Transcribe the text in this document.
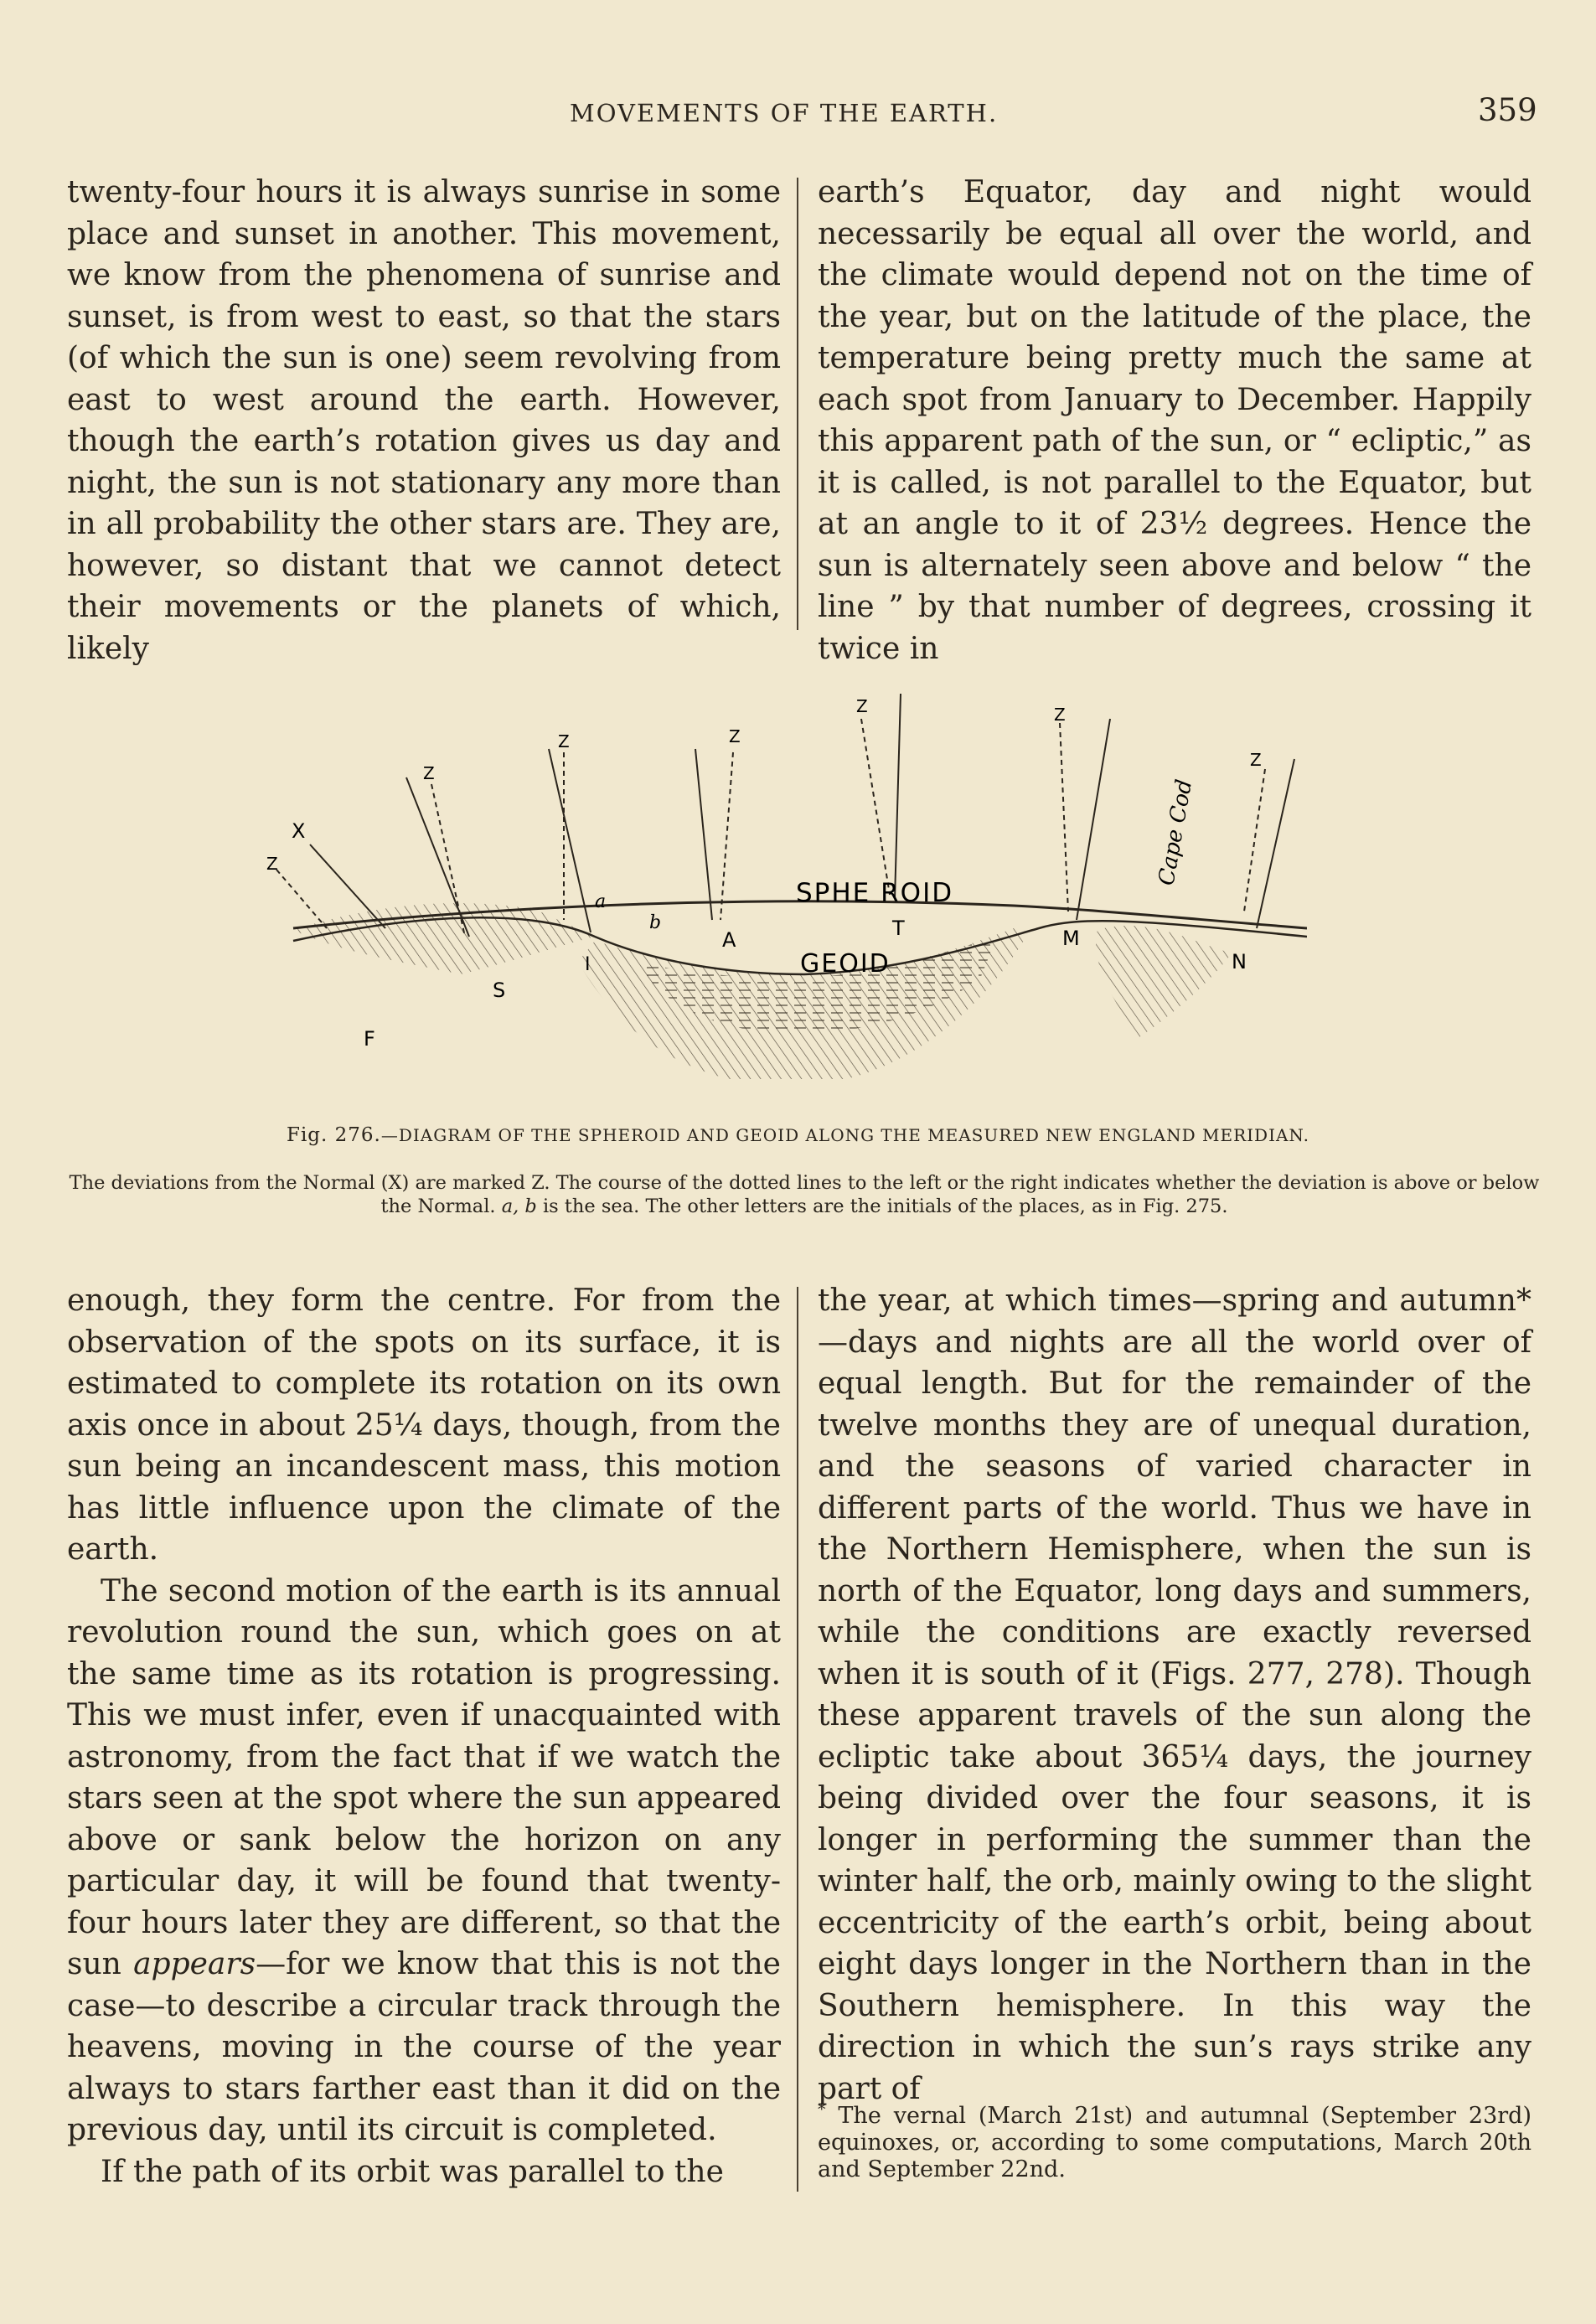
MOVEMENTS OF THE EARTH.	359

twenty-four hours it is always sunrise in some place and sunset in another. This movement, we know from the phenomena of sunrise and sunset, is from west to east, so that the stars (of which the sun is one) seem revolving from east to west around the earth. However, though the earth’s rotation gives us day and night, the sun is not stationary any more than in all probability the other stars are. They are, however, so distant that we cannot detect their movements or the planets of which, likely

earth’s Equator, day and night would necessarily be equal all over the world, and the climate would depend not on the time of the year, but on the latitude of the place, the temperature being pretty much the same at each spot from January to December. Happily this apparent path of the sun, or “ ecliptic,” as it is called, is not parallel to the Equator, but at an angle to it of 23½ degrees. Hence the sun is alternately seen above and below “ the line ” by that number of degrees, crossing it twice in

X
Z
Z
Z	Z
Z	Z
Z
a
b
SPHE ROID
GEOID
A	T	M
N
S
F
I
Cape Cod
Fig. 276.—DIAGRAM OF THE SPHEROID AND GEOID ALONG THE MEASURED NEW ENGLAND MERIDIAN.
The deviations from the Normal (X) are marked Z. The course of the dotted lines to the left or the right indicates whether the deviation is above or below the Normal. a, b is the sea. The other letters are the initials of the places, as in Fig. 275.

enough, they form the centre. For from the observation of the spots on its surface, it is estimated to complete its rotation on its own axis once in about 25¼ days, though, from the sun being an incandescent mass, this motion has little influence upon the climate of the earth.

The second motion of the earth is its annual revolution round the sun, which goes on at the same time as its rotation is progressing. This we must infer, even if unacquainted with astronomy, from the fact that if we watch the stars seen at the spot where the sun appeared above or sank below the horizon on any particular day, it will be found that twenty-four hours later they are different, so that the sun appears—for we know that this is not the case—to describe a circular track through the heavens, moving in the course of the year always to stars farther east than it did on the previous day, until its circuit is completed.

If the path of its orbit was parallel to the

the year, at which times—spring and autumn*—days and nights are all the world over of equal length. But for the remainder of the twelve months they are of unequal duration, and the seasons of varied character in different parts of the world. Thus we have in the Northern Hemisphere, when the sun is north of the Equator, long days and summers, while the conditions are exactly reversed when it is south of it (Figs. 277, 278). Though these apparent travels of the sun along the ecliptic take about 365¼ days, the journey being divided over the four seasons, it is longer in performing the summer than the winter half, the orb, mainly owing to the slight eccentricity of the earth’s orbit, being about eight days longer in the Northern than in the Southern hemisphere. In this way the direction in which the sun’s rays strike any part of

* The vernal (March 21st) and autumnal (September 23rd) equinoxes, or, according to some computations, March 20th and September 22nd.
